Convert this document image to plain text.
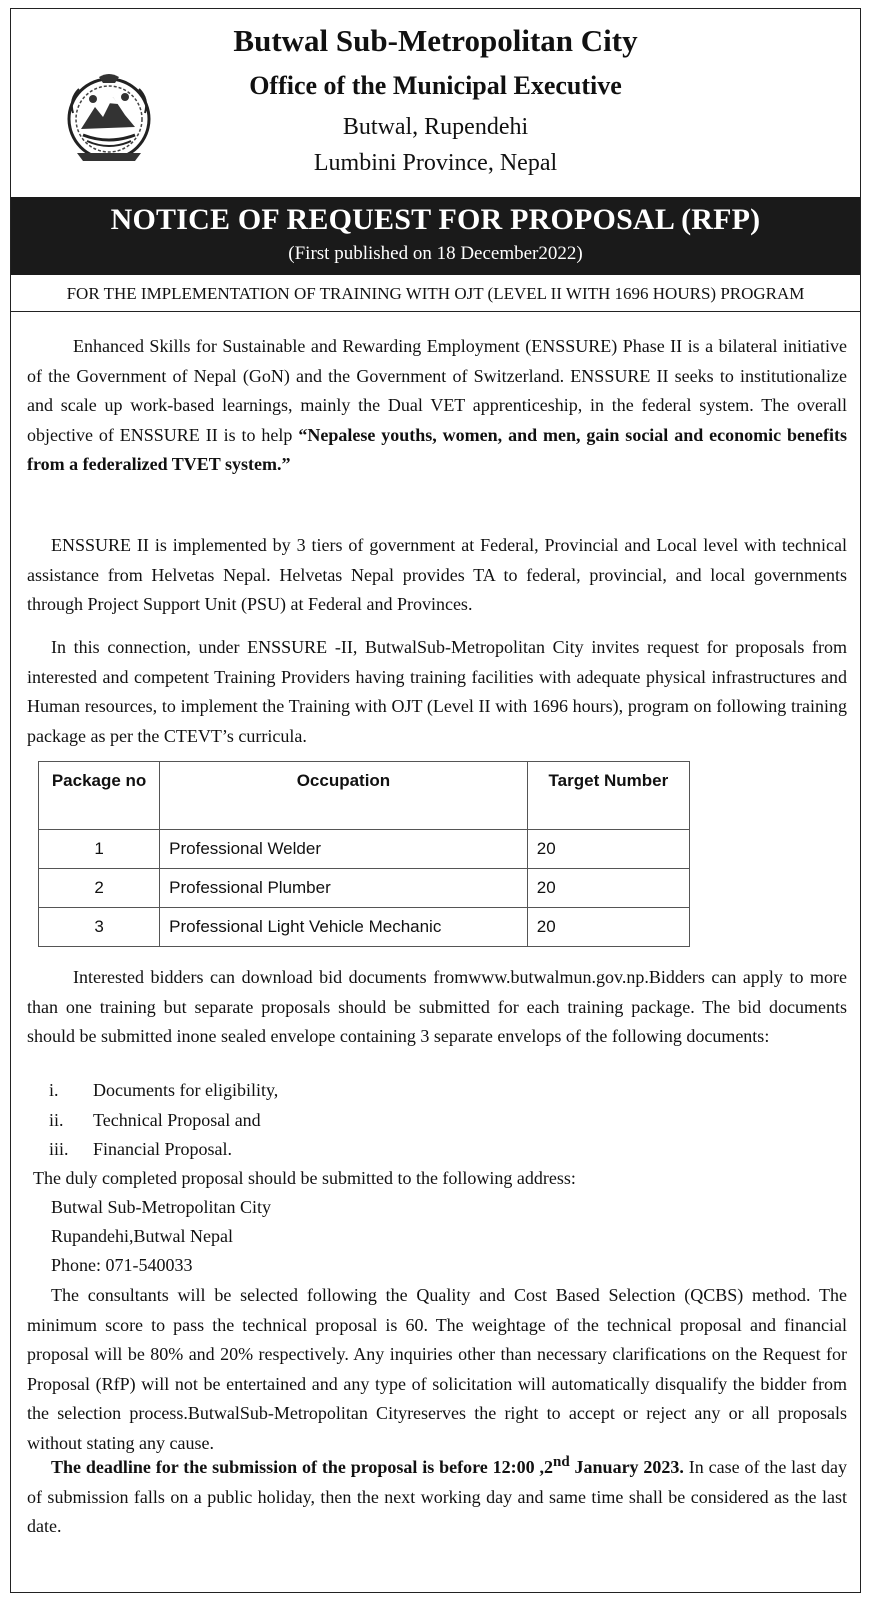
Butwal Sub-Metropolitan City
Office of the Municipal Executive
Butwal, Rupendehi
Lumbini Province, Nepal
NOTICE OF REQUEST FOR PROPOSAL (RFP)
(First published on 18 December2022)
FOR THE IMPLEMENTATION OF TRAINING WITH OJT (LEVEL II WITH 1696 HOURS) PROGRAM
Enhanced Skills for Sustainable and Rewarding Employment (ENSSURE) Phase II is a bilateral initiative of the Government of Nepal (GoN) and the Government of Switzerland. ENSSURE II seeks to institutionalize and scale up work-based learnings, mainly the Dual VET apprenticeship, in the federal system. The overall objective of ENSSURE II is to help “Nepalese youths, women, and men, gain social and economic benefits from a federalized TVET system.”
ENSSURE II is implemented by 3 tiers of government at Federal, Provincial and Local level with technical assistance from Helvetas Nepal. Helvetas Nepal provides TA to federal, provincial, and local governments through Project Support Unit (PSU) at Federal and Provinces.
In this connection, under ENSSURE -II, ButwalSub-Metropolitan City invites request for proposals from interested and competent Training Providers having training facilities with adequate physical infrastructures and Human resources, to implement the Training with OJT (Level II with 1696 hours), program on following training package as per the CTEVT’s curricula.
Package no	Occupation	Target Number
1	Professional Welder	20
2	Professional Plumber	20
3	Professional Light Vehicle Mechanic	20
Interested bidders can download bid documents fromwww.butwalmun.gov.np.Bidders can apply to more than one training but separate proposals should be submitted for each training package. The bid documents should be submitted inone sealed envelope containing 3 separate envelops of the following documents:
i. Documents for eligibility,
ii. Technical Proposal and
iii. Financial Proposal.
The duly completed proposal should be submitted to the following address:
Butwal Sub-Metropolitan City
Rupandehi,Butwal Nepal
Phone: 071-540033
The consultants will be selected following the Quality and Cost Based Selection (QCBS) method. The minimum score to pass the technical proposal is 60. The weightage of the technical proposal and financial proposal will be 80% and 20% respectively. Any inquiries other than necessary clarifications on the Request for Proposal (RfP) will not be entertained and any type of solicitation will automatically disqualify the bidder from the selection process.ButwalSub-Metropolitan Cityreserves the right to accept or reject any or all proposals without stating any cause.
The deadline for the submission of the proposal is before 12:00 ,2nd January 2023. In case of the last day of submission falls on a public holiday, then the next working day and same time shall be considered as the last date.
